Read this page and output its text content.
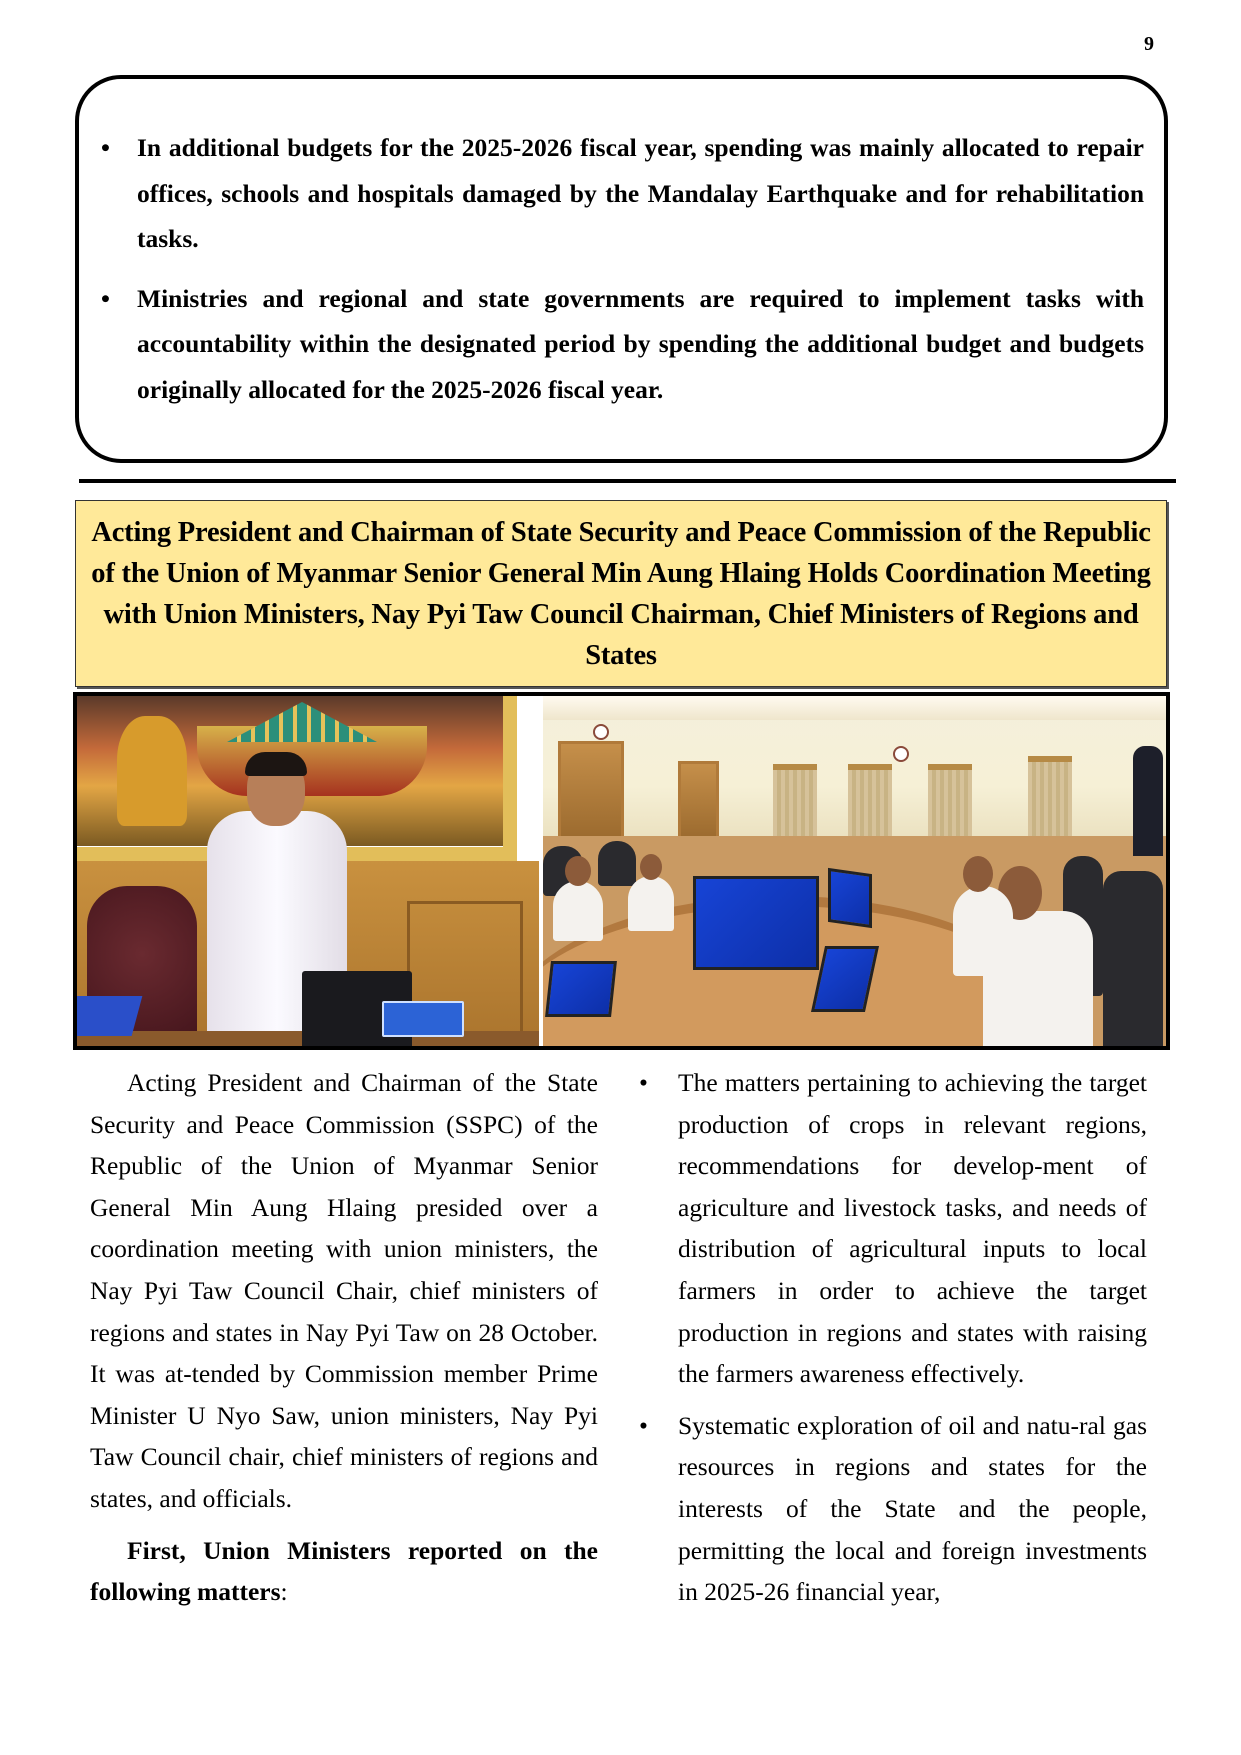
9
• In additional budgets for the 2025-2026 fiscal year, spending was mainly allocated to repair offices, schools and hospitals damaged by the Mandalay Earthquake and for rehabilitation tasks.
• Ministries and regional and state governments are required to implement tasks with accountability within the designated period by spending the additional budget and budgets originally allocated for the 2025-2026 fiscal year.
Acting President and Chairman of State Security and Peace Commission of the Republic of the Union of Myanmar Senior General Min Aung Hlaing Holds Coordination Meeting with Union Ministers, Nay Pyi Taw Council Chairman, Chief Ministers of Regions and States

Acting President and Chairman of the State Security and Peace Commission (SSPC) of the Republic of the Union of Myanmar Senior General Min Aung Hlaing presided over a coordination meeting with union ministers, the Nay Pyi Taw Council Chair, chief ministers of regions and states in Nay Pyi Taw on 28 October. It was at-tended by Commission member Prime Minister U Nyo Saw, union ministers, Nay Pyi Taw Council chair, chief ministers of regions and states, and officials.

First, Union Ministers reported on the following matters:

• The matters pertaining to achieving the target production of crops in relevant regions, recommendations for develop-ment of agriculture and livestock tasks, and needs of distribution of agricultural inputs to local farmers in order to achieve the target production in regions and states with raising the farmers awareness effectively.
• Systematic exploration of oil and natu-ral gas resources in regions and states for the interests of the State and the people, permitting the local and foreign investments in 2025-26 financial year,
